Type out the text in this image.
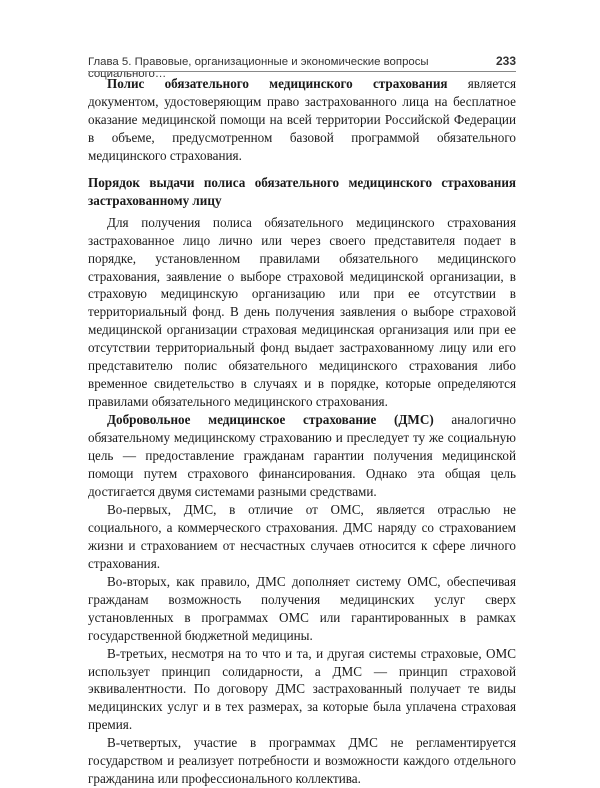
Глава 5. Правовые, организационные и экономические вопросы социального…
233

Полис обязательного медицинского страхования является документом, удостоверяющим право застрахованного лица на бесплатное оказание медицинской помощи на всей территории Российской Федерации в объеме, предусмотренном базовой программой обязательного медицинского страхования.

Порядок выдачи полиса обязательного медицинского страхования застрахованному лицу

Для получения полиса обязательного медицинского страхования застрахованное лицо лично или через своего представителя подает в порядке, установленном правилами обязательного медицинского страхования, заявление о выборе страховой медицинской организации, в страховую медицинскую организацию или при ее отсутствии в территориальный фонд. В день получения заявления о выборе страховой медицинской организации страховая медицинская организация или при ее отсутствии территориальный фонд выдает застрахованному лицу или его представителю полис обязательного медицинского страхования либо временное свидетельство в случаях и в порядке, которые определяются правилами обязательного медицинского страхования.

Добровольное медицинское страхование (ДМС) аналогично обязательному медицинскому страхованию и преследует ту же социальную цель — предоставление гражданам гарантии получения медицинской помощи путем страхового финансирования. Однако эта общая цель достигается двумя системами разными средствами.

Во-первых, ДМС, в отличие от ОМС, является отраслью не социального, а коммерческого страхования. ДМС наряду со страхованием жизни и страхованием от несчастных случаев относится к сфере личного страхования.

Во-вторых, как правило, ДМС дополняет систему ОМС, обеспечивая гражданам возможность получения медицинских услуг сверх установленных в программах ОМС или гарантированных в рамках государственной бюджетной медицины.

В-третьих, несмотря на то что и та, и другая системы страховые, ОМС использует принцип солидарности, а ДМС — принцип страховой эквивалентности. По договору ДМС застрахованный получает те виды медицинских услуг и в тех размерах, за которые была уплачена страховая премия.

В-четвертых, участие в программах ДМС не регламентируется государством и реализует потребности и возможности каждого отдельного гражданина или профессионального коллектива.
